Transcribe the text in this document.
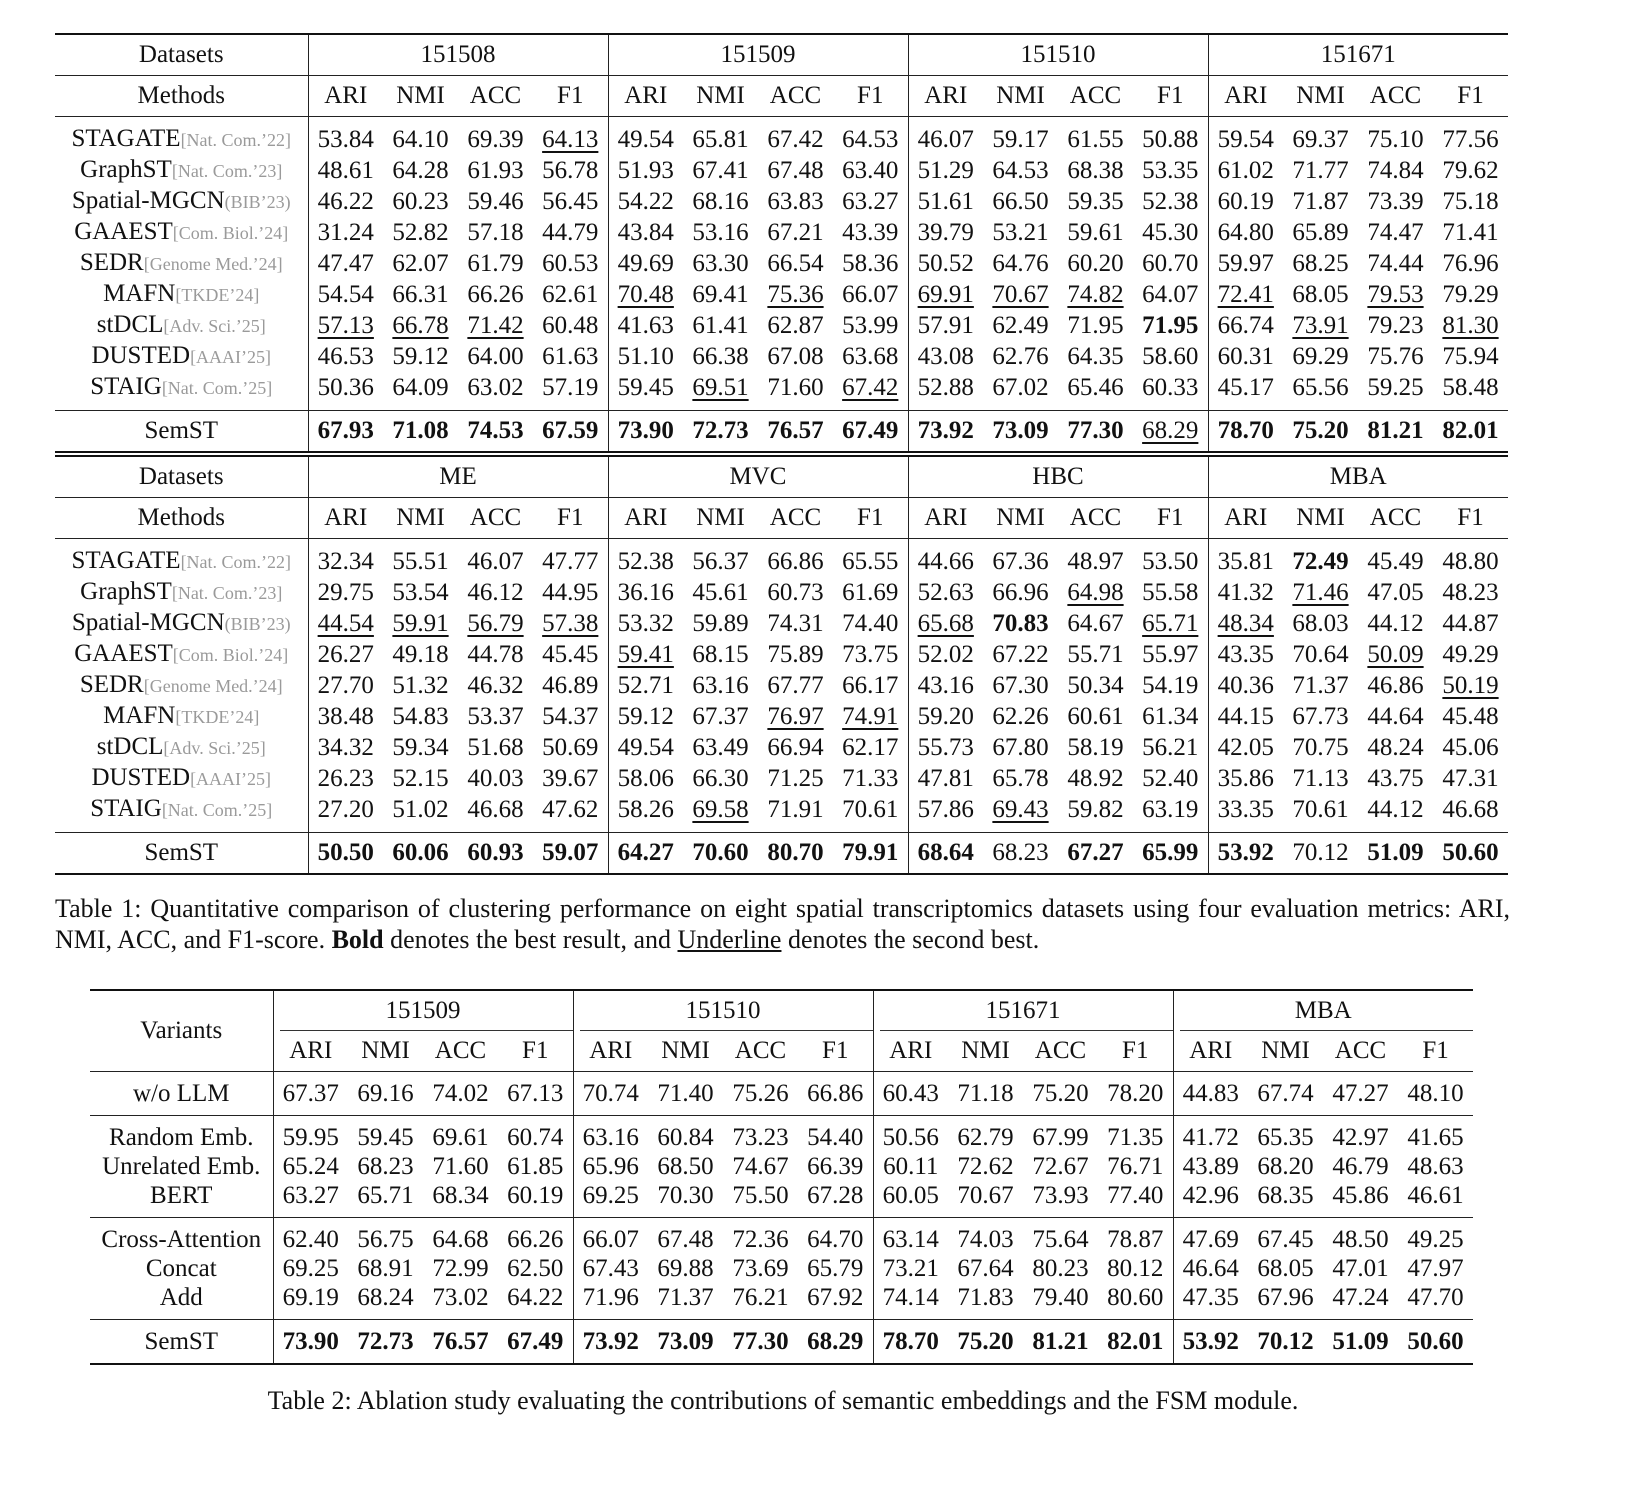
Datasets	151508				151509				151510				151671			
Methods	ARI	NMI	ACC	F1	ARI	NMI	ACC	F1	ARI	NMI	ACC	F1	ARI	NMI	ACC	F1
STAGATE[Nat. Com.’22]	53.84	64.10	69.39	64.13	49.54	65.81	67.42	64.53	46.07	59.17	61.55	50.88	59.54	69.37	75.10	77.56
GraphST[Nat. Com.’23]	48.61	64.28	61.93	56.78	51.93	67.41	67.48	63.40	51.29	64.53	68.38	53.35	61.02	71.77	74.84	79.62
Spatial-MGCN(BIB’23)	46.22	60.23	59.46	56.45	54.22	68.16	63.83	63.27	51.61	66.50	59.35	52.38	60.19	71.87	73.39	75.18
GAAEST[Com. Biol.’24]	31.24	52.82	57.18	44.79	43.84	53.16	67.21	43.39	39.79	53.21	59.61	45.30	64.80	65.89	74.47	71.41
SEDR[Genome Med.’24]	47.47	62.07	61.79	60.53	49.69	63.30	66.54	58.36	50.52	64.76	60.20	60.70	59.97	68.25	74.44	76.96
MAFN[TKDE’24]	54.54	66.31	66.26	62.61	70.48	69.41	75.36	66.07	69.91	70.67	74.82	64.07	72.41	68.05	79.53	79.29
stDCL[Adv. Sci.’25]	57.13	66.78	71.42	60.48	41.63	61.41	62.87	53.99	57.91	62.49	71.95	71.95	66.74	73.91	79.23	81.30
DUSTED[AAAI’25]	46.53	59.12	64.00	61.63	51.10	66.38	67.08	63.68	43.08	62.76	64.35	58.60	60.31	69.29	75.76	75.94
STAIG[Nat. Com.’25]	50.36	64.09	63.02	57.19	59.45	69.51	71.60	67.42	52.88	67.02	65.46	60.33	45.17	65.56	59.25	58.48
SemST	67.93	71.08	74.53	67.59	73.90	72.73	76.57	67.49	73.92	73.09	77.30	68.29	78.70	75.20	81.21	82.01
Datasets	ME				MVC				HBC				MBA			
Methods	ARI	NMI	ACC	F1	ARI	NMI	ACC	F1	ARI	NMI	ACC	F1	ARI	NMI	ACC	F1
STAGATE[Nat. Com.’22]	32.34	55.51	46.07	47.77	52.38	56.37	66.86	65.55	44.66	67.36	48.97	53.50	35.81	72.49	45.49	48.80
GraphST[Nat. Com.’23]	29.75	53.54	46.12	44.95	36.16	45.61	60.73	61.69	52.63	66.96	64.98	55.58	41.32	71.46	47.05	48.23
Spatial-MGCN(BIB’23)	44.54	59.91	56.79	57.38	53.32	59.89	74.31	74.40	65.68	70.83	64.67	65.71	48.34	68.03	44.12	44.87
GAAEST[Com. Biol.’24]	26.27	49.18	44.78	45.45	59.41	68.15	75.89	73.75	52.02	67.22	55.71	55.97	43.35	70.64	50.09	49.29
SEDR[Genome Med.’24]	27.70	51.32	46.32	46.89	52.71	63.16	67.77	66.17	43.16	67.30	50.34	54.19	40.36	71.37	46.86	50.19
MAFN[TKDE’24]	38.48	54.83	53.37	54.37	59.12	67.37	76.97	74.91	59.20	62.26	60.61	61.34	44.15	67.73	44.64	45.48
stDCL[Adv. Sci.’25]	34.32	59.34	51.68	50.69	49.54	63.49	66.94	62.17	55.73	67.80	58.19	56.21	42.05	70.75	48.24	45.06
DUSTED[AAAI’25]	26.23	52.15	40.03	39.67	58.06	66.30	71.25	71.33	47.81	65.78	48.92	52.40	35.86	71.13	43.75	47.31
STAIG[Nat. Com.’25]	27.20	51.02	46.68	47.62	58.26	69.58	71.91	70.61	57.86	69.43	59.82	63.19	33.35	70.61	44.12	46.68
SemST	50.50	60.06	60.93	59.07	64.27	70.60	80.70	79.91	68.64	68.23	67.27	65.99	53.92	70.12	51.09	50.60
Table 1: Quantitative comparison of clustering performance on eight spatial transcriptomics datasets using four evaluation metrics: ARI, NMI, ACC, and F1-score. Bold denotes the best result, and Underline denotes the second best.
Variants	151509				151510				151671				MBA			
	ARI	NMI	ACC	F1	ARI	NMI	ACC	F1	ARI	NMI	ACC	F1	ARI	NMI	ACC	F1
w/o LLM	67.37	69.16	74.02	67.13	70.74	71.40	75.26	66.86	60.43	71.18	75.20	78.20	44.83	67.74	47.27	48.10
Random Emb.	59.95	59.45	69.61	60.74	63.16	60.84	73.23	54.40	50.56	62.79	67.99	71.35	41.72	65.35	42.97	41.65
Unrelated Emb.	65.24	68.23	71.60	61.85	65.96	68.50	74.67	66.39	60.11	72.62	72.67	76.71	43.89	68.20	46.79	48.63
BERT	63.27	65.71	68.34	60.19	69.25	70.30	75.50	67.28	60.05	70.67	73.93	77.40	42.96	68.35	45.86	46.61
Cross-Attention	62.40	56.75	64.68	66.26	66.07	67.48	72.36	64.70	63.14	74.03	75.64	78.87	47.69	67.45	48.50	49.25
Concat	69.25	68.91	72.99	62.50	67.43	69.88	73.69	65.79	73.21	67.64	80.23	80.12	46.64	68.05	47.01	47.97
Add	69.19	68.24	73.02	64.22	71.96	71.37	76.21	67.92	74.14	71.83	79.40	80.60	47.35	67.96	47.24	47.70
SemST	73.90	72.73	76.57	67.49	73.92	73.09	77.30	68.29	78.70	75.20	81.21	82.01	53.92	70.12	51.09	50.60
Table 2: Ablation study evaluating the contributions of semantic embeddings and the FSM module.
